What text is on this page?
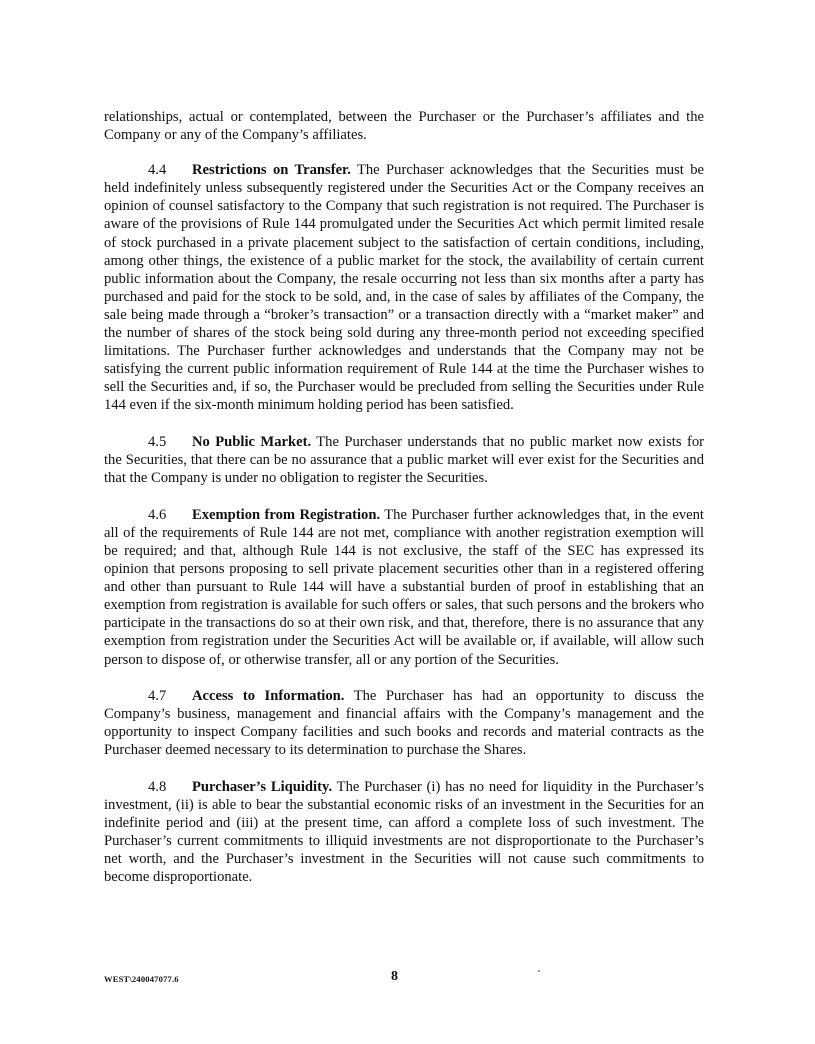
relationships, actual or contemplated, between the Purchaser or the Purchaser’s affiliates and the Company or any of the Company’s affiliates.

4.4 Restrictions on Transfer. The Purchaser acknowledges that the Securities must be held indefinitely unless subsequently registered under the Securities Act or the Company receives an opinion of counsel satisfactory to the Company that such registration is not required. The Purchaser is aware of the provisions of Rule 144 promulgated under the Securities Act which permit limited resale of stock purchased in a private placement subject to the satisfaction of certain conditions, including, among other things, the existence of a public market for the stock, the availability of certain current public information about the Company, the resale occurring not less than six months after a party has purchased and paid for the stock to be sold, and, in the case of sales by affiliates of the Company, the sale being made through a “broker’s transaction” or a transaction directly with a “market maker” and the number of shares of the stock being sold during any three-month period not exceeding specified limitations. The Purchaser further acknowledges and understands that the Company may not be satisfying the current public information requirement of Rule 144 at the time the Purchaser wishes to sell the Securities and, if so, the Purchaser would be precluded from selling the Securities under Rule 144 even if the six-month minimum holding period has been satisfied.

4.5 No Public Market. The Purchaser understands that no public market now exists for the Securities, that there can be no assurance that a public market will ever exist for the Securities and that the Company is under no obligation to register the Securities.

4.6 Exemption from Registration. The Purchaser further acknowledges that, in the event all of the requirements of Rule 144 are not met, compliance with another registration exemption will be required; and that, although Rule 144 is not exclusive, the staff of the SEC has expressed its opinion that persons proposing to sell private placement securities other than in a registered offering and other than pursuant to Rule 144 will have a substantial burden of proof in establishing that an exemption from registration is available for such offers or sales, that such persons and the brokers who participate in the transactions do so at their own risk, and that, therefore, there is no assurance that any exemption from registration under the Securities Act will be available or, if available, will allow such person to dispose of, or otherwise transfer, all or any portion of the Securities.

4.7 Access to Information. The Purchaser has had an opportunity to discuss the Company’s business, management and financial affairs with the Company’s management and the opportunity to inspect Company facilities and such books and records and material contracts as the Purchaser deemed necessary to its determination to purchase the Shares.

4.8 Purchaser’s Liquidity. The Purchaser (i) has no need for liquidity in the Purchaser’s investment, (ii) is able to bear the substantial economic risks of an investment in the Securities for an indefinite period and (iii) at the present time, can afford a complete loss of such investment. The Purchaser’s current commitments to illiquid investments are not disproportionate to the Purchaser’s net worth, and the Purchaser’s investment in the Securities will not cause such commitments to become disproportionate.

WEST\240047077.6	8
